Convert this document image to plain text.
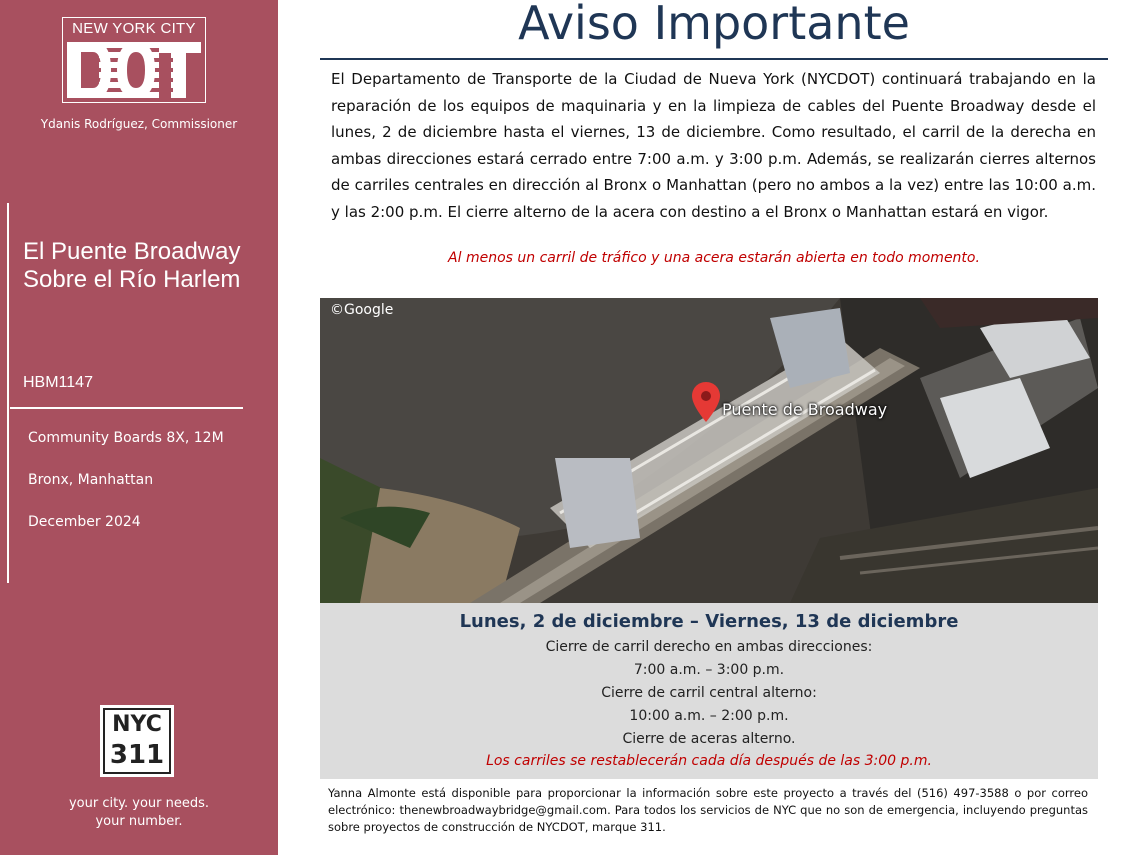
NEW YORK CITY
Ydanis Rodríguez, Commissioner
El Puente Broadway Sobre el Río Harlem
HBM1147
Community Boards 8X, 12M
Bronx, Manhattan
December 2024
NYC
311
your city. your needs.
your number.
Aviso Importante
El Departamento de Transporte de la Ciudad de Nueva York (NYCDOT) continuará trabajando en la reparación de los equipos de maquinaria y en la limpieza de cables del Puente Broadway desde el lunes, 2 de diciembre hasta el viernes, 13 de diciembre. Como resultado, el carril de la derecha en ambas direcciones estará cerrado entre 7:00 a.m. y 3:00 p.m. Además, se realizarán cierres alternos de carriles centrales en dirección al Bronx o Manhattan (pero no ambos a la vez) entre las 10:00 a.m. y las 2:00 p.m. El cierre alterno de la acera con destino a el Bronx o Manhattan estará en vigor.
Al menos un carril de tráfico y una acera estarán abierta en todo momento.
©Google
Puente de Broadway
Lunes, 2 de diciembre – Viernes, 13 de diciembre
Cierre de carril derecho en ambas direcciones:
7:00 a.m. – 3:00 p.m.
Cierre de carril central alterno:
10:00 a.m. – 2:00 p.m.
Cierre de aceras alterno.
Los carriles se restablecerán cada día después de las 3:00 p.m.
Yanna Almonte está disponible para proporcionar la información sobre este proyecto a través del (516) 497-3588 o por correo electrónico: thenewbroadwaybridge@gmail.com. Para todos los servicios de NYC que no son de emergencia, incluyendo preguntas sobre proyectos de construcción de NYCDOT, marque 311.
